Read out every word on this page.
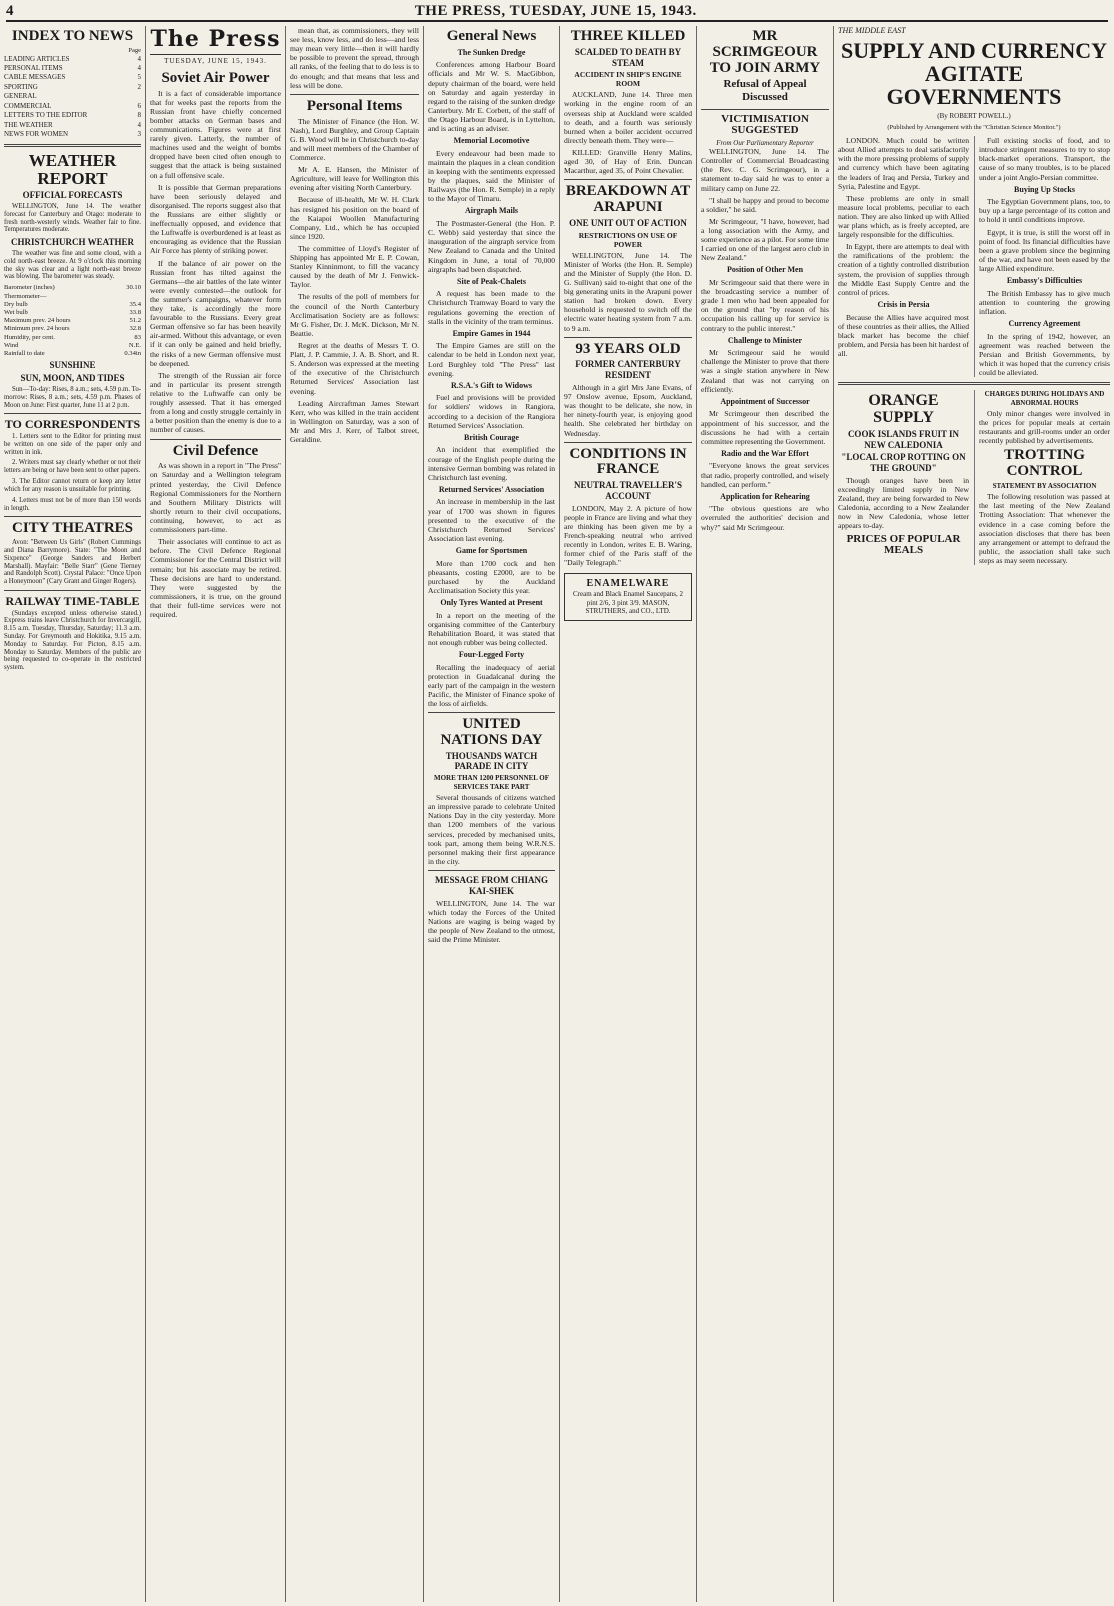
4	THE PRESS, TUESDAY, JUNE 15, 1943.
INDEX TO NEWS
Page
LEADING ARTICLES	4
PERSONAL ITEMS	4
CABLE MESSAGES	5
SPORTING	2
GENERAL
COMMERCIAL	6
LETTERS TO THE EDITOR	8
THE WEATHER	4
NEWS FOR WOMEN	3
WEATHER REPORT
OFFICIAL FORECASTS

WELLINGTON, June 14. The weather forecast for Canterbury and Otago: moderate to fresh north-westerly winds. Weather fair to fine. Temperatures moderate.

CHRISTCHURCH WEATHER

The weather was fine and some cloud, with a cold north-east breeze. At 9 o'clock this morning the sky was clear and a light north-east breeze was blowing. The barometer was steady.

Barometer (inches)	30.10
Thermometer—
Dry bulb	35.4
Wet bulb	33.8
Maximum prev. 24 hours	51.2
Minimum prev. 24 hours	32.8
Humidity, per cent.	83
Wind	N.E.
Rainfall to date	0.34in
SUNSHINE
SUN, MOON, AND TIDES

Sun—To-day: Rises, 8 a.m.; sets, 4.59 p.m. To-morrow: Rises, 8 a.m.; sets, 4.59 p.m. Phases of Moon on June: First quarter, June 11 at 2 p.m.

TO CORRESPONDENTS

1. Letters sent to the Editor for printing must be written on one side of the paper only and written in ink.

2. Writers must say clearly whether or not their letters are being or have been sent to other papers.

3. The Editor cannot return or keep any letter which for any reason is unsuitable for printing.

4. Letters must not be of more than 150 words in length.

CITY THEATRES

Avon: "Between Us Girls" (Robert Cummings and Diana Barrymore). State: "The Moon and Sixpence" (George Sanders and Herbert Marshall). Mayfair: "Belle Starr" (Gene Tierney and Randolph Scott). Crystal Palace: "Once Upon a Honeymoon" (Cary Grant and Ginger Rogers).

RAILWAY TIME-TABLE

(Sundays excepted unless otherwise stated.) Express trains leave Christchurch for Invercargill, 8.15 a.m. Tuesday, Thursday, Saturday; 11.3 a.m. Sunday. For Greymouth and Hokitika, 9.15 a.m. Monday to Saturday. For Picton, 8.15 a.m. Monday to Saturday. Members of the public are being requested to co-operate in the restricted system.

The Press
TUESDAY, JUNE 15, 1943.
Soviet Air Power

It is a fact of considerable importance that for weeks past the reports from the Russian front have chiefly concerned bomber attacks on German bases and communications. Figures were at first rarely given. Latterly, the number of machines used and the weight of bombs dropped have been cited often enough to suggest that the attack is being sustained on a full offensive scale.

It is possible that German preparations have been seriously delayed and disorganised. The reports suggest also that the Russians are either slightly or ineffectually opposed, and evidence that the Luftwaffe is overburdened is at least as encouraging as evidence that the Russian Air Force has plenty of striking power.

If the balance of air power on the Russian front has tilted against the Germans—the air battles of the late winter were evenly contested—the outlook for the summer's campaigns, whatever form they take, is accordingly the more favourable to the Russians. Every great German offensive so far has been heavily air-armed. Without this advantage, or even if it can only be gained and held briefly, the risks of a new German offensive must be deepened.

The strength of the Russian air force and in particular its present strength relative to the Luftwaffe can only be roughly assessed. That it has emerged from a long and costly struggle certainly in a better position than the enemy is due to a number of causes.

Civil Defence

As was shown in a report in "The Press" on Saturday and a Wellington telegram printed yesterday, the Civil Defence Regional Commissioners for the Northern and Southern Military Districts will shortly return to their civil occupations, continuing, however, to act as commissioners part-time.

Their associates will continue to act as before. The Civil Defence Regional Commissioner for the Central District will remain; but his associate may be retired. These decisions are hard to understand. They were suggested by the commissioners, it is true, on the ground that their full-time services were not required.

mean that, as commissioners, they will see less, know less, and do less—and less may mean very little—then it will hardly be possible to prevent the spread, through all ranks, of the feeling that to do less is to do enough; and that means that less and less will be done.

Personal Items

The Minister of Finance (the Hon. W. Nash), Lord Burghley, and Group Captain G. B. Wood will be in Christchurch to-day and will meet members of the Chamber of Commerce.

Mr A. E. Hansen, the Minister of Agriculture, will leave for Wellington this evening after visiting North Canterbury.

Because of ill-health, Mr W. H. Clark has resigned his position on the board of the Kaiapoi Woollen Manufacturing Company, Ltd., which he has occupied since 1920.

The committee of Lloyd's Register of Shipping has appointed Mr E. P. Cowan, Stanley Kinninmont, to fill the vacancy caused by the death of Mr J. Fenwick-Taylor.

The results of the poll of members for the council of the North Canterbury Acclimatisation Society are as follows: Mr G. Fisher, Dr. J. McK. Dickson, Mr N. Beattie.

Regret at the deaths of Messrs T. O. Platt, J. P. Cammie, J. A. B. Short, and R. S. Anderson was expressed at the meeting of the executive of the Christchurch Returned Services' Association last evening.

Leading Aircraftman James Stewart Kerr, who was killed in the train accident in Wellington on Saturday, was a son of Mr and Mrs J. Kerr, of Talbot street, Geraldine.

General News
The Sunken Dredge

Conferences among Harbour Board officials and Mr W. S. MacGibbon, deputy chairman of the board, were held on Saturday and again yesterday in regard to the raising of the sunken dredge Canterbury. Mr E. Corbett, of the staff of the Otago Harbour Board, is in Lyttelton, and is acting as an adviser.

Memorial Locomotive

Every endeavour had been made to maintain the plaques in a clean condition in keeping with the sentiments expressed by the plaques, said the Minister of Railways (the Hon. R. Semple) in a reply to the Mayor of Timaru.

Airgraph Mails

The Postmaster-General (the Hon. P. C. Webb) said yesterday that since the inauguration of the airgraph service from New Zealand to Canada and the United Kingdom in June, a total of 70,000 airgraphs had been dispatched.

Site of Peak-Chalets

A request has been made to the Christchurch Tramway Board to vary the regulations governing the erection of stalls in the vicinity of the tram terminus.

Empire Games in 1944

The Empire Games are still on the calendar to be held in London next year, Lord Burghley told "The Press" last evening.

R.S.A.'s Gift to Widows

Fuel and provisions will be provided for soldiers' widows in Rangiora, according to a decision of the Rangiora Returned Services' Association.

British Courage

An incident that exemplified the courage of the English people during the intensive German bombing was related in Christchurch last evening.

Returned Services' Association

An increase in membership in the last year of 1700 was shown in figures presented to the executive of the Christchurch Returned Services' Association last evening.

Game for Sportsmen

More than 1700 cock and hen pheasants, costing £2000, are to be purchased by the Auckland Acclimatisation Society this year.

Only Tyres Wanted at Present

In a report on the meeting of the organising committee of the Canterbury Rehabilitation Board, it was stated that not enough rubber was being collected.

Four-Legged Forty

Recalling the inadequacy of aerial protection in Guadalcanal during the early part of the campaign in the western Pacific, the Minister of Finance spoke of the loss of airfields.

UNITED NATIONS DAY
THOUSANDS WATCH PARADE IN CITY
MORE THAN 1200 PERSONNEL OF SERVICES TAKE PART

Several thousands of citizens watched an impressive parade to celebrate United Nations Day in the city yesterday. More than 1200 members of the various services, preceded by mechanised units, took part, among them being W.R.N.S. personnel making their first appearance in the city.

MESSAGE FROM CHIANG KAI-SHEK

WELLINGTON, June 14. The war which today the Forces of the United Nations are waging is being waged by the people of New Zealand to the utmost, said the Prime Minister.

THREE KILLED
SCALDED TO DEATH BY STEAM
ACCIDENT IN SHIP'S ENGINE ROOM

AUCKLAND, June 14. Three men working in the engine room of an overseas ship at Auckland were scalded to death, and a fourth was seriously burned when a boiler accident occurred directly beneath them. They were—

KILLED: Granville Henry Malins, aged 30, of Hay of Erin. Duncan Macarthur, aged 35, of Point Chevalier.

BREAKDOWN AT ARAPUNI
ONE UNIT OUT OF ACTION
RESTRICTIONS ON USE OF POWER

WELLINGTON, June 14. The Minister of Works (the Hon. R. Semple) and the Minister of Supply (the Hon. D. G. Sullivan) said to-night that one of the big generating units in the Arapuni power station had broken down. Every household is requested to switch off the electric water heating system from 7 a.m. to 9 a.m.

93 YEARS OLD
FORMER CANTERBURY RESIDENT

Although in a girl Mrs Jane Evans, of 97 Onslow avenue, Epsom, Auckland, was thought to be delicate, she now, in her ninety-fourth year, is enjoying good health. She celebrated her birthday on Wednesday.

CONDITIONS IN FRANCE
NEUTRAL TRAVELLER'S ACCOUNT

LONDON, May 2. A picture of how people in France are living and what they are thinking has been given me by a French-speaking neutral who arrived recently in London, writes E. B. Waring, former chief of the Paris staff of the "Daily Telegraph."

ENAMELWARE
Cream and Black Enamel Saucepans, 2 pint 2/6, 3 pint 3/9. MASON, STRUTHERS, and CO., LTD.
MR SCRIMGEOUR TO JOIN ARMY
Refusal of Appeal Discussed
VICTIMISATION SUGGESTED
From Our Parliamentary Reporter

WELLINGTON, June 14. The Controller of Commercial Broadcasting (the Rev. C. G. Scrimgeour), in a statement to-day said he was to enter a military camp on June 22.

"I shall be happy and proud to become a soldier," he said.

Mr Scrimgeour, "I have, however, had a long association with the Army, and some experience as a pilot. For some time I carried on one of the largest aero club in New Zealand."

Position of Other Men

Mr Scrimgeour said that there were in the broadcasting service a number of grade 1 men who had been appealed for on the ground that "by reason of his occupation his calling up for service is contrary to the public interest."

Challenge to Minister

Mr Scrimgeour said he would challenge the Minister to prove that there was a single station anywhere in New Zealand that was not carrying on efficiently.

Appointment of Successor

Mr Scrimgeour then described the appointment of his successor, and the discussions he had with a certain committee representing the Government.

Radio and the War Effort

"Everyone knows the great services that radio, properly controlled, and wisely handled, can perform."

Application for Rehearing

"The obvious questions are who overruled the authorities' decision and why?" said Mr Scrimgeour.

THE MIDDLE EAST
SUPPLY AND CURRENCY AGITATE GOVERNMENTS
(By ROBERT POWELL.)
(Published by Arrangement with the "Christian Science Monitor.")

LONDON. Much could be written about Allied attempts to deal satisfactorily with the more pressing problems of supply and currency which have been agitating the leaders of Iraq and Persia, Turkey and Syria, Palestine and Egypt.

These problems are only in small measure local problems, peculiar to each nation. They are also linked up with Allied war plans which, as is freely accepted, are largely responsible for the difficulties.

In Egypt, there are attempts to deal with the ramifications of the problem: the creation of a tightly controlled distribution system, the provision of supplies through the Middle East Supply Centre and the control of prices.

Crisis in Persia

Because the Allies have acquired most of these countries as their allies, the Allied black market has become the chief problem, and Persia has been hit hardest of all.

Full existing stocks of food, and to introduce stringent measures to try to stop black-market operations. Transport, the cause of so many troubles, is to be placed under a joint Anglo-Persian committee.

Buying Up Stocks

The Egyptian Government plans, too, to buy up a large percentage of its cotton and to hold it until conditions improve.

Egypt, it is true, is still the worst off in point of food. Its financial difficulties have been a grave problem since the beginning of the war, and have not been eased by the large Allied expenditure.

Embassy's Difficulties

The British Embassy has to give much attention to countering the growing inflation.

Currency Agreement

In the spring of 1942, however, an agreement was reached between the Persian and British Governments, by which it was hoped that the currency crisis could be alleviated.

ORANGE SUPPLY
COOK ISLANDS FRUIT IN NEW CALEDONIA
"LOCAL CROP ROTTING ON THE GROUND"

Though oranges have been in exceedingly limited supply in New Zealand, they are being forwarded to New Caledonia, according to a New Zealander now in New Caledonia, whose letter appears to-day.

PRICES OF POPULAR MEALS
CHARGES DURING HOLIDAYS AND ABNORMAL HOURS

Only minor changes were involved in the prices for popular meals at certain restaurants and grill-rooms under an order recently published by advertisements.

TROTTING CONTROL
STATEMENT BY ASSOCIATION

The following resolution was passed at the last meeting of the New Zealand Trotting Association: That whenever the evidence in a case coming before the association discloses that there has been any arrangement or attempt to defraud the public, the association shall take such steps as may seem necessary.
